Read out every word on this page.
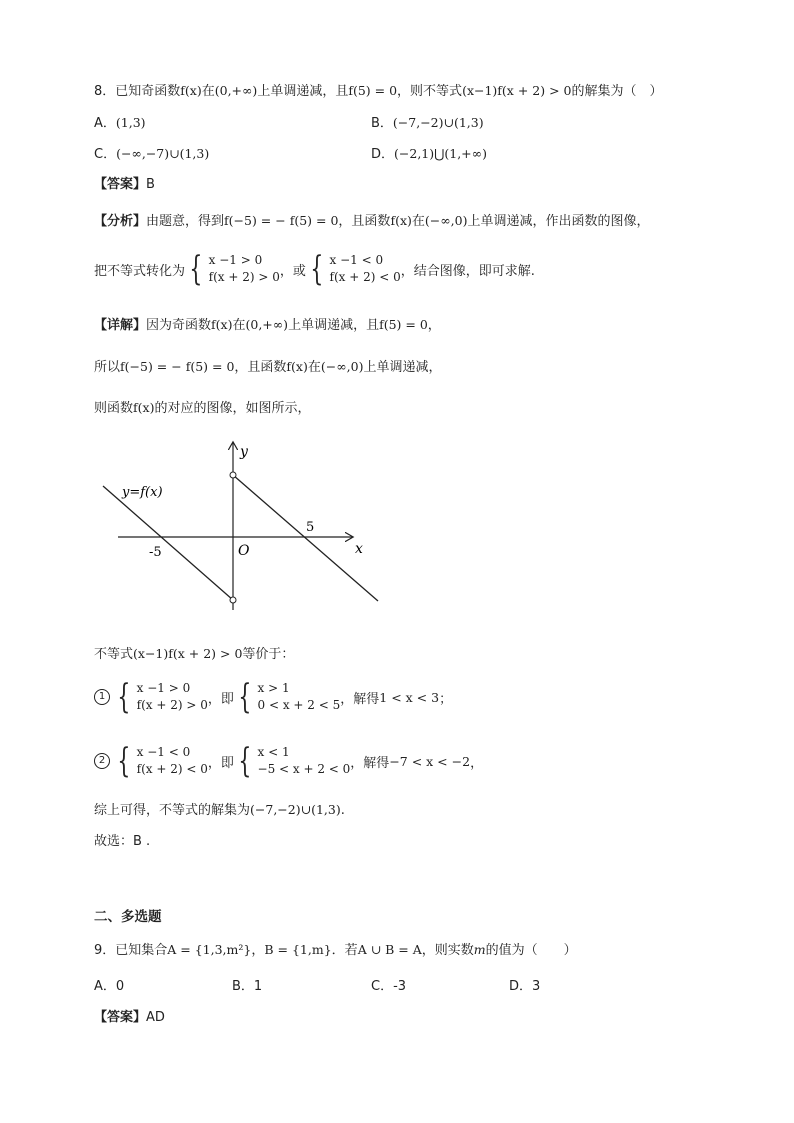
8．已知奇函数f(x)在(0,+∞)上单调递减，且f(5) = 0，则不等式(x−1)f(x + 2) > 0的解集为（　）
A．(1,3)	B．(−7,−2)∪(1,3)
C．(−∞,−7)∪(1,3)	D．(−2,1)⋃(1,+∞)
【答案】B
【分析】由题意，得到f(−5) = − f(5) = 0，且函数f(x)在(−∞,0)上单调递减，作出函数的图像，
把不等式转化为 { x −1 > 0
f(x + 2) > 0 ，或 { x −1 < 0
f(x + 2) < 0 ，结合图像，即可求解.
【详解】因为奇函数f(x)在(0,+∞)上单调递减，且f(5) = 0，
所以f(−5) = − f(5) = 0，且函数f(x)在(−∞,0)上单调递减，
则函数f(x)的对应的图像，如图所示，
y
x
O
y=f(x)
-5
5
不等式(x−1)f(x + 2) > 0等价于：
1 { x −1 > 0
f(x + 2) > 0 ，即 { x > 1
0 < x + 2 < 5 ，解得 1 < x < 3 ；
2 { x −1 < 0
f(x + 2) < 0 ，即 { x < 1
−5 < x + 2 < 0 ，解得 −7 < x < −2 ，
综上可得，不等式的解集为(−7,−2)∪(1,3).
故选：B .
二、多选题
9．已知集合A = {1,3,m²}，B = {1,m}．若A ∪ B = A，则实数m的值为（　　）
A．0	B．1	C．-3	D．3
【答案】AD
